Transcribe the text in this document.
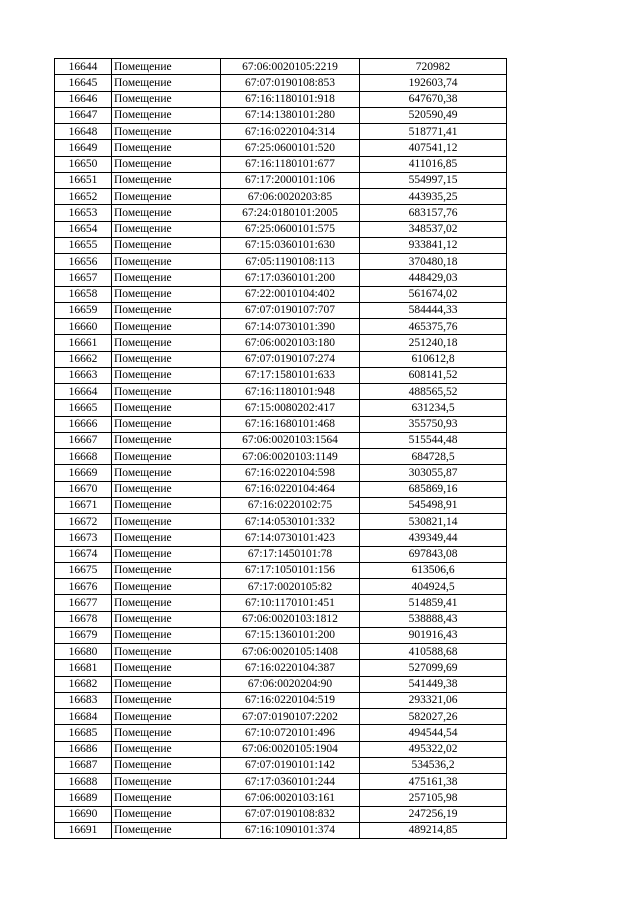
16644	Помещение	67:06:0020105:2219	720982
16645	Помещение	67:07:0190108:853	192603,74
16646	Помещение	67:16:1180101:918	647670,38
16647	Помещение	67:14:1380101:280	520590,49
16648	Помещение	67:16:0220104:314	518771,41
16649	Помещение	67:25:0600101:520	407541,12
16650	Помещение	67:16:1180101:677	411016,85
16651	Помещение	67:17:2000101:106	554997,15
16652	Помещение	67:06:0020203:85	443935,25
16653	Помещение	67:24:0180101:2005	683157,76
16654	Помещение	67:25:0600101:575	348537,02
16655	Помещение	67:15:0360101:630	933841,12
16656	Помещение	67:05:1190108:113	370480,18
16657	Помещение	67:17:0360101:200	448429,03
16658	Помещение	67:22:0010104:402	561674,02
16659	Помещение	67:07:0190107:707	584444,33
16660	Помещение	67:14:0730101:390	465375,76
16661	Помещение	67:06:0020103:180	251240,18
16662	Помещение	67:07:0190107:274	610612,8
16663	Помещение	67:17:1580101:633	608141,52
16664	Помещение	67:16:1180101:948	488565,52
16665	Помещение	67:15:0080202:417	631234,5
16666	Помещение	67:16:1680101:468	355750,93
16667	Помещение	67:06:0020103:1564	515544,48
16668	Помещение	67:06:0020103:1149	684728,5
16669	Помещение	67:16:0220104:598	303055,87
16670	Помещение	67:16:0220104:464	685869,16
16671	Помещение	67:16:0220102:75	545498,91
16672	Помещение	67:14:0530101:332	530821,14
16673	Помещение	67:14:0730101:423	439349,44
16674	Помещение	67:17:1450101:78	697843,08
16675	Помещение	67:17:1050101:156	613506,6
16676	Помещение	67:17:0020105:82	404924,5
16677	Помещение	67:10:1170101:451	514859,41
16678	Помещение	67:06:0020103:1812	538888,43
16679	Помещение	67:15:1360101:200	901916,43
16680	Помещение	67:06:0020105:1408	410588,68
16681	Помещение	67:16:0220104:387	527099,69
16682	Помещение	67:06:0020204:90	541449,38
16683	Помещение	67:16:0220104:519	293321,06
16684	Помещение	67:07:0190107:2202	582027,26
16685	Помещение	67:10:0720101:496	494544,54
16686	Помещение	67:06:0020105:1904	495322,02
16687	Помещение	67:07:0190101:142	534536,2
16688	Помещение	67:17:0360101:244	475161,38
16689	Помещение	67:06:0020103:161	257105,98
16690	Помещение	67:07:0190108:832	247256,19
16691	Помещение	67:16:1090101:374	489214,85
